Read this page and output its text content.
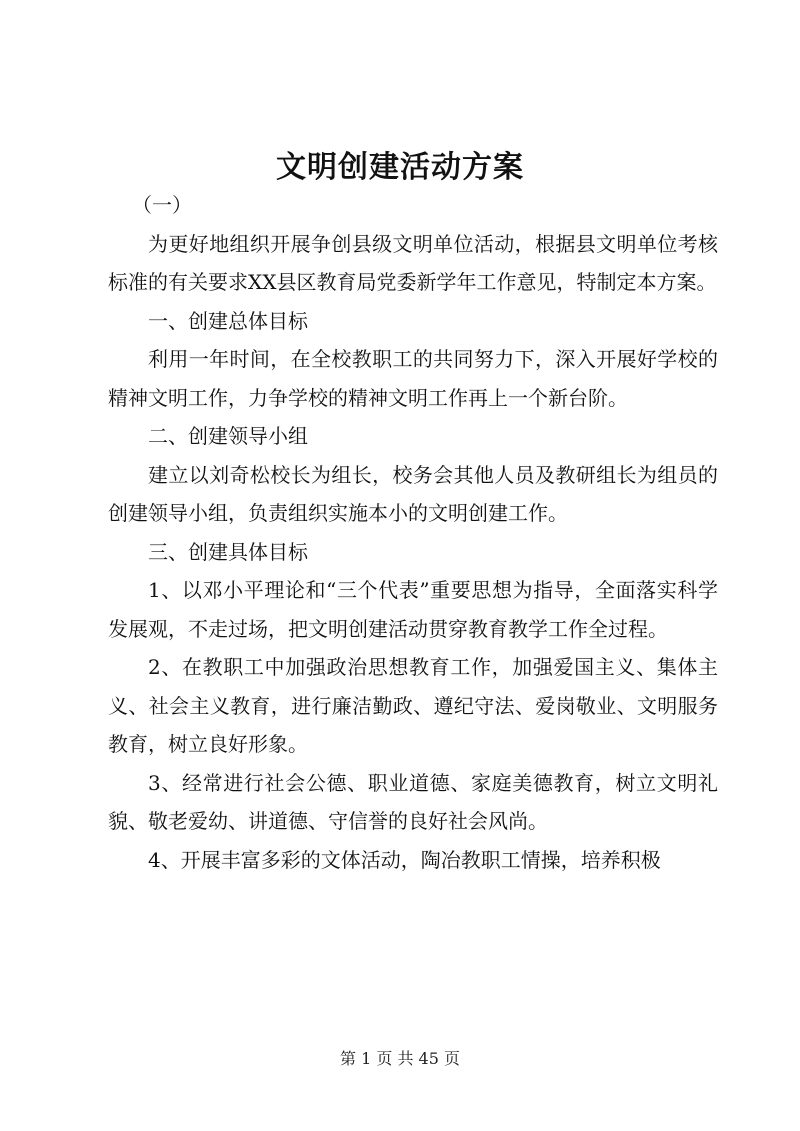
文明创建活动方案

（一）

为更好地组织开展争创县级文明单位活动，根据县文明单位考核标准的有关要求XX县区教育局党委新学年工作意见，特制定本方案。

一、创建总体目标

利用一年时间，在全校教职工的共同努力下，深入开展好学校的精神文明工作，力争学校的精神文明工作再上一个新台阶。

二、创建领导小组

建立以刘奇松校长为组长，校务会其他人员及教研组长为组员的创建领导小组，负责组织实施本小的文明创建工作。

三、创建具体目标

1、以邓小平理论和“三个代表”重要思想为指导，全面落实科学发展观，不走过场，把文明创建活动贯穿教育教学工作全过程。

2、在教职工中加强政治思想教育工作，加强爱国主义、集体主义、社会主义教育，进行廉洁勤政、遵纪守法、爱岗敬业、文明服务教育，树立良好形象。

3、经常进行社会公德、职业道德、家庭美德教育，树立文明礼貌、敬老爱幼、讲道德、守信誉的良好社会风尚。

4、开展丰富多彩的文体活动，陶冶教职工情操，培养积极

第 1 页 共 45 页
